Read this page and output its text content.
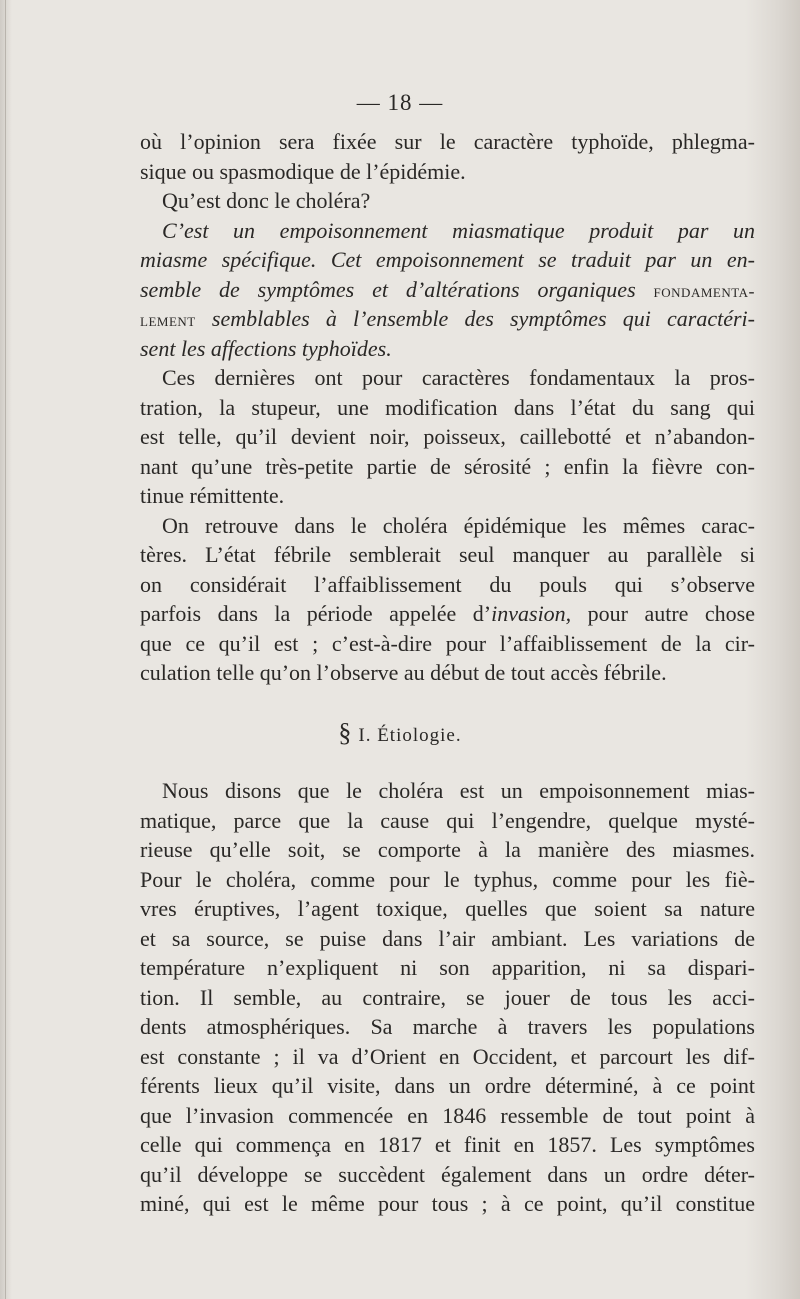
— 18 —
où l’opinion sera fixée sur le caractère typhoïde, phlegma-
sique ou spasmodique de l’épidémie.
Qu’est donc le choléra?
C’est un empoisonnement miasmatique produit par un
miasme spécifique. Cet empoisonnement se traduit par un en-
semble de symptômes et d’altérations organiques fondamenta-
lement semblables à l’ensemble des symptômes qui caractéri-
sent les affections typhoïdes.
Ces dernières ont pour caractères fondamentaux la pros-
tration, la stupeur, une modification dans l’état du sang qui
est telle, qu’il devient noir, poisseux, caillebotté et n’abandon-
nant qu’une très-petite partie de sérosité ; enfin la fièvre con-
tinue rémittente.
On retrouve dans le choléra épidémique les mêmes carac-
tères. L’état fébrile semblerait seul manquer au parallèle si
on considérait l’affaiblissement du pouls qui s’observe
parfois dans la période appelée d’invasion, pour autre chose
que ce qu’il est ; c’est-à-dire pour l’affaiblissement de la cir-
culation telle qu’on l’observe au début de tout accès fébrile.
§ I. Étiologie.
Nous disons que le choléra est un empoisonnement mias-
matique, parce que la cause qui l’engendre, quelque mysté-
rieuse qu’elle soit, se comporte à la manière des miasmes.
Pour le choléra, comme pour le typhus, comme pour les fiè-
vres éruptives, l’agent toxique, quelles que soient sa nature
et sa source, se puise dans l’air ambiant. Les variations de
température n’expliquent ni son apparition, ni sa dispari-
tion. Il semble, au contraire, se jouer de tous les acci-
dents atmosphériques. Sa marche à travers les populations
est constante ; il va d’Orient en Occident, et parcourt les dif-
férents lieux qu’il visite, dans un ordre déterminé, à ce point
que l’invasion commencée en 1846 ressemble de tout point à
celle qui commença en 1817 et finit en 1857. Les symptômes
qu’il développe se succèdent également dans un ordre déter-
miné, qui est le même pour tous ; à ce point, qu’il constitue
